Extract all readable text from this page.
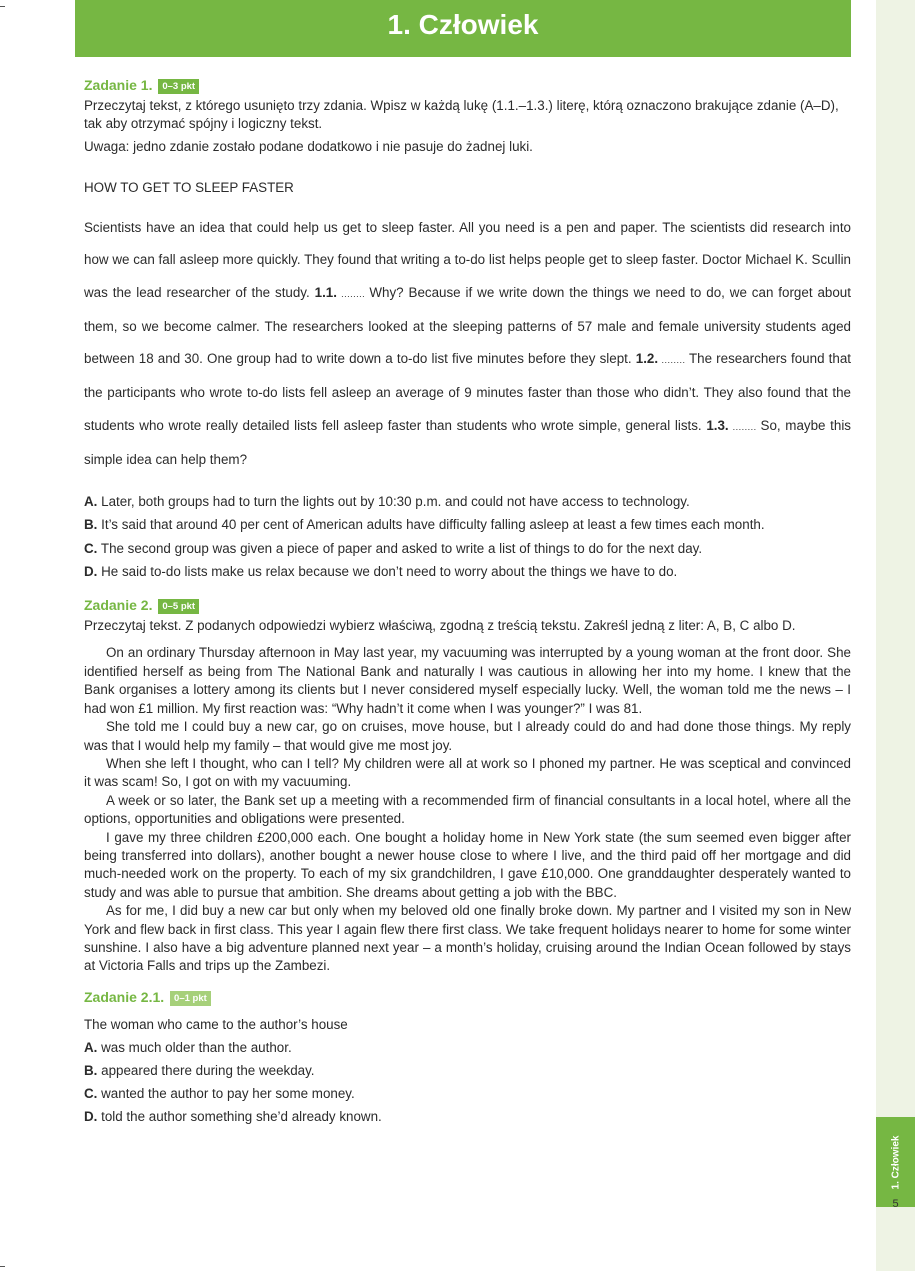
1. Człowiek
5
1. Człowiek
Zadanie 1. 0–3 pkt

Przeczytaj tekst, z którego usunięto trzy zdania. Wpisz w każdą lukę (1.1.–1.3.) literę, którą oznaczono brakujące zdanie (A–D), tak aby otrzymać spójny i logiczny tekst.

Uwaga: jedno zdanie zostało podane dodatkowo i nie pasuje do żadnej luki.

HOW TO GET TO SLEEP FASTER

Scientists have an idea that could help us get to sleep faster. All you need is a pen and paper. The scientists did research into how we can fall asleep more quickly. They found that writing a to-do list helps people get to sleep faster. Doctor Michael K. Scullin was the lead researcher of the study. 1.1. ........ Why? Because if we write down the things we need to do, we can forget about them, so we become calmer. The researchers looked at the sleeping patterns of 57 male and female university students aged between 18 and 30. One group had to write down a to-do list five minutes before they slept. 1.2. ........ The researchers found that the participants who wrote to-do lists fell asleep an average of 9 minutes faster than those who didn’t. They also found that the students who wrote really detailed lists fell asleep faster than students who wrote simple, general lists. 1.3. ........ So, maybe this simple idea can help them?

A. Later, both groups had to turn the lights out by 10:30 p.m. and could not have access to technology.

B. It’s said that around 40 per cent of American adults have difficulty falling asleep at least a few times each month.

C. The second group was given a piece of paper and asked to write a list of things to do for the next day.

D. He said to-do lists make us relax because we don’t need to worry about the things we have to do.

Zadanie 2. 0–5 pkt

Przeczytaj tekst. Z podanych odpowiedzi wybierz właściwą, zgodną z treścią tekstu. Zakreśl jedną z liter: A, B, C albo D.

On an ordinary Thursday afternoon in May last year, my vacuuming was interrupted by a young woman at the front door. She identified herself as being from The National Bank and naturally I was cautious in allowing her into my home. I knew that the Bank organises a lottery among its clients but I never considered myself especially lucky. Well, the woman told me the news – I had won £1 million. My first reaction was: “Why hadn’t it come when I was younger?” I was 81.

She told me I could buy a new car, go on cruises, move house, but I already could do and had done those things. My reply was that I would help my family – that would give me most joy.

When she left I thought, who can I tell? My children were all at work so I phoned my partner. He was sceptical and convinced it was scam! So, I got on with my vacuuming.

A week or so later, the Bank set up a meeting with a recommended firm of financial consultants in a local hotel, where all the options, opportunities and obligations were presented.

I gave my three children £200,000 each. One bought a holiday home in New York state (the sum seemed even bigger after being transferred into dollars), another bought a newer house close to where I live, and the third paid off her mortgage and did much-needed work on the property. To each of my six grandchildren, I gave £10,000. One granddaughter desperately wanted to study and was able to pursue that ambition. She dreams about getting a job with the BBC.

As for me, I did buy a new car but only when my beloved old one finally broke down. My partner and I visited my son in New York and flew back in first class. This year I again flew there first class. We take frequent holidays nearer to home for some winter sunshine. I also have a big adventure planned next year – a month’s holiday, cruising around the Indian Ocean followed by stays at Victoria Falls and trips up the Zambezi.

Zadanie 2.1. 0–1 pkt

The woman who came to the author’s house

A. was much older than the author.

B. appeared there during the weekday.

C. wanted the author to pay her some money.

D. told the author something she’d already known.
